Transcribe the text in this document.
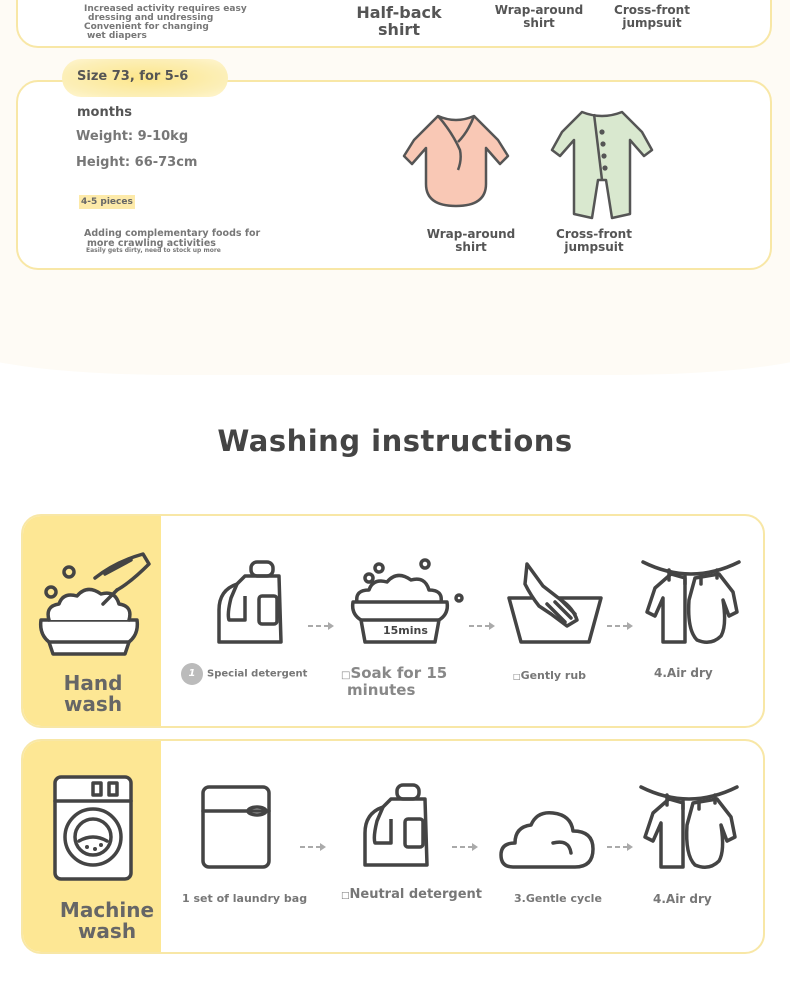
Increased activity requires easy
dressing and undressing
Convenient for changing
wet diapers
Half-back
shirt
Wrap-around
shirt
Cross-front
jumpsuit
Size 73, for 5-6 months
Weight: 9-10kg
Height: 66-73cm
4-5 pieces
Adding complementary foods for
more crawling activities
Easily gets dirty, need to stock up more
Wrap-around
shirt
Cross-front
jumpsuit
Washing instructions
Hand
wash
1 Special detergent
15mins
□Soak for 15
minutes
□Gently rub	4.Air dry
Machine
wash
1 set of laundry bag	□Neutral detergent	3.Gentle cycle	4.Air dry
